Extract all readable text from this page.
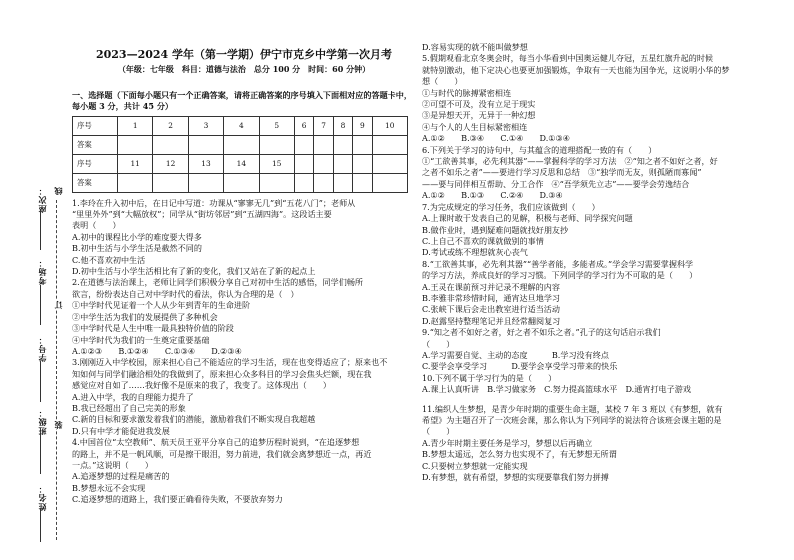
座次：
考场：
学号：
班级：
姓名：
线
订
装
2023—2024 学年（第一学期）伊宁市克乡中学第一次月考
（年级：七年级　科目：道德与法治　总分 100 分　时间：60 分钟）
一、选择题（下面每小题只有一个正确答案，请将正确答案的序号填入下面相对应的答题卡中，每小题 3 分，共计 45 分）
序号	1	2	3	4	5	6	7	8	9	10
答案										
序号	11	12	13	14	15					
答案										
1.李玲在升入初中后，在日记中写道：功课从“寥寥无几”到“五花八门”；老师从
“里里外外”到“大幅放权”；同学从“街坊邻居”到“五湖四海”。这段话主要
表明（　　）
A.初中的课程比小学的难度要大得多
B.初中生活与小学生活是截然不同的
C.他不喜欢初中生活
D.初中生活与小学生活相比有了新的变化，我们又站在了新的起点上
2.在道德与法治课上，老师让同学们积极分享自己对初中生活的感悟，同学们畅所
欲言，纷纷表达自己对中学时代的看法，你认为合理的是（　）
①中学时代见证着一个人从少年到青年的生命进阶
②中学生活为我们的发展提供了多种机会
③中学时代是人生中唯一最具独特价值的阶段
④中学时代为我们的一生奠定重要基础
A.①②③　　B.①②④　　C.①③④　　D.②③④
3.刚刚迈入中学校园，原来担心自己不能适应的学习生活，现在也变得适应了；原来也不
知如何与同学们融洽相处的我做到了，原来担心众多科目的学习会焦头烂额，现在我
感觉应对自如了……我好像不是原来的我了，我变了。这体现出（　　）
A.进入中学，我的自理能力提升了
B.我已经超出了自己完美的形象
C.新的目标和要求激发着我们的潜能，激励着我们不断实现自我超越
D.只有中学才能促进我发展
4.中国首位“太空教师”、航天员王亚平分享自己的追梦历程时说到，“在追逐梦想
的路上，并不是一帆风顺，可是擦干眼泪，努力前进，我们就会离梦想近一点，再近
一点。”这说明（　　）
A.追逐梦想的过程是痛苦的
B.梦想永远不会实现
C.追逐梦想的道路上，我们要正确看待失败，不要放弃努力
D.容易实现的就不能叫做梦想
5.假期观看北京冬奥会时，每当小华看到中国奥运健儿夺冠，五星红旗升起的时候
就特别激动，他下定决心也要更加强锻炼，争取有一天也能为国争光，这说明小华的梦
想（　　）
①与时代的脉搏紧密相连
②可望不可及，没有立足于现实
③是异想天开，无异于一种幻想
④与个人的人生目标紧密相连
A.①②　　B.③④　　C.①④　　D.①③④
6.下列关于学习的诗句中，与其蕴含的道理搭配一致的有（　　）
①“工欲善其事，必先利其器”——掌握科学的学习方法　②“知之者不如好之者，好
之者不如乐之者”——要进行学习反思和总结　③“独学而无友，则孤陋而寡闻”
——要与同伴相互帮助、分工合作　④“吾学须先立志”——要学会劳逸结合
A.①②　　B.①③　　C.②④　　D.③④
7.为完成规定的学习任务，我们应该做到（　　）
A.上课时敢于发表自己的见解，积极与老师、同学探究问题
B.做作业时，遇到疑难问题就找好朋友抄
C.上自己不喜欢的课就做别的事情
D.考试或练不理想就灰心丧气
8.“工欲善其事，必先利其器”“善学者能，多能者成。”学会学习需要掌握科学
的学习方法，养成良好的学习习惯。下列同学的学习行为不可取的是（　　）
A.王灵在课前预习并记录不理解的内容
B.李雅非常珍惜时间，通宵达旦地学习
C.张峡下课后会走出教室进行适当活动
D.赵露坚持整理笔记并且经常翻阅复习
9.“知之者不如好之者，好之者不如乐之者。”孔子的这句话启示我们
（　　）
A.学习需要自觉、主动的态度　　　B.学习没有终点
C.要学会享受学习　　　D.要学会享受学习带来的快乐
10.下列不属于学习行为的是（　　）
A.课上认真听讲　B.学习做家务　C.努力提高篮球水平　D.通宵打电子游戏
11.编织人生梦想，是青少年时期的重要生命主题，某校 7 年 3 班以《有梦想，就有
希望》为主题召开了一次班会课，那么你认为下列同学的说法符合该班会课主题的是
（　　）
A.青少年时期主要任务是学习，梦想以后再确立
B.梦想太遥远，怎么努力也实现不了，有无梦想无所谓
C.只要树立梦想就一定能实现
D.有梦想，就有希望，梦想的实现要靠我们努力拼搏
